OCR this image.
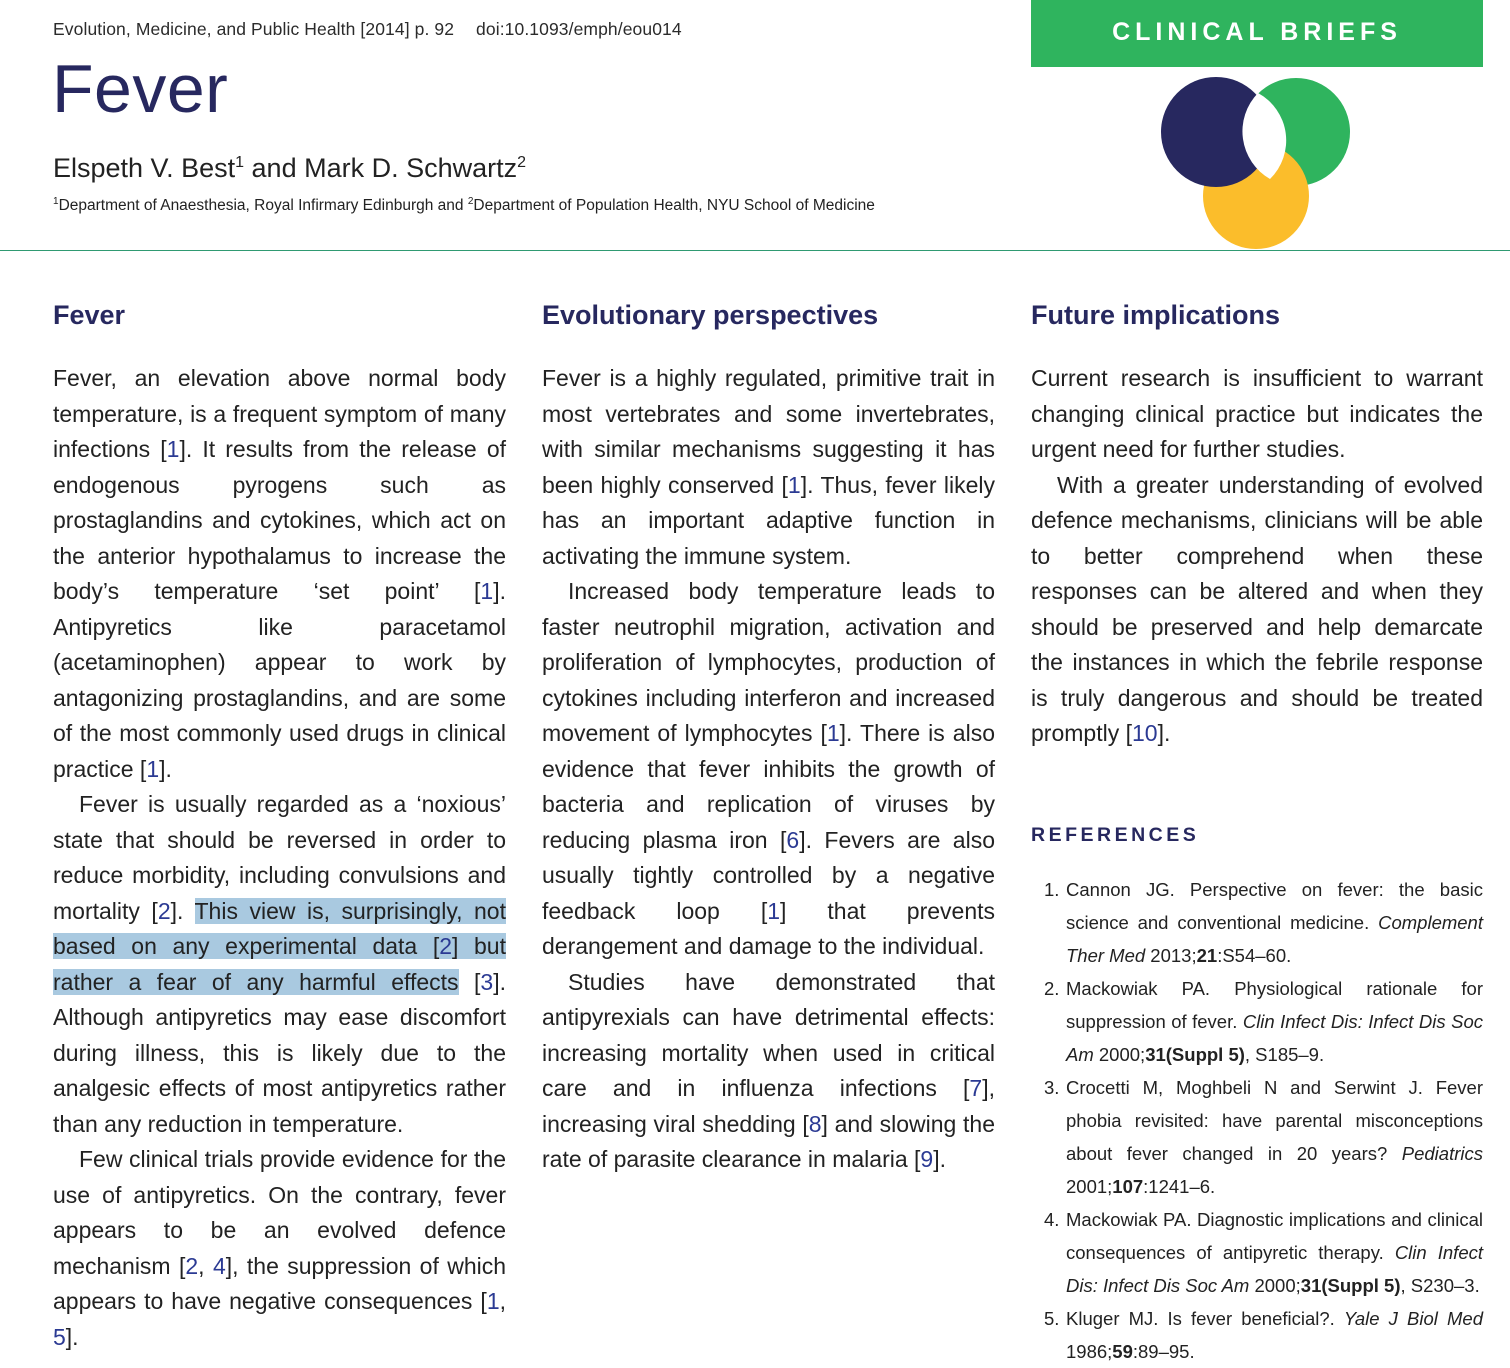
Evolution, Medicine, and Public Health [2014] p. 92 doi:10.1093/emph/eou014
Fever
Elspeth V. Best$^1$ and Mark D. Schwartz$^2$
$^1$Department of Anaesthesia, Royal Infirmary Edinburgh and $^2$Department of Population Health, NYU School of Medicine
CLINICAL BRIEFS
Fever

Fever, an elevation above normal body temperature, is a frequent symptom of many infections [1]. It results from the release of endogenous pyrogens such as prostaglandins and cytokines, which act on the anterior hypothalamus to increase the body’s temperature ‘set point’ [1]. Antipyretics like paracetamol (acetaminophen) appear to work by antagonizing prostaglandins, and are some of the most commonly used drugs in clinical practice [1].

Fever is usually regarded as a ‘noxious’ state that should be reversed in order to reduce morbidity, including convulsions and mortality [2]. This view is, surprisingly, not based on any experimental data [2] but rather a fear of any harmful effects [3]. Although antipyretics may ease discomfort during illness, this is likely due to the analgesic effects of most antipyretics rather than any reduction in temperature.

Few clinical trials provide evidence for the use of antipyretics. On the contrary, fever appears to be an evolved defence mechanism [2, 4], the suppression of which appears to have negative consequences [1, 5].

Evolutionary perspectives

Fever is a highly regulated, primitive trait in most vertebrates and some invertebrates, with similar mechanisms suggesting it has been highly conserved [1]. Thus, fever likely has an important adaptive function in activating the immune system.

Increased body temperature leads to faster neutrophil migration, activation and proliferation of lymphocytes, production of cytokines including interferon and increased movement of lymphocytes [1]. There is also evidence that fever inhibits the growth of bacteria and replication of viruses by reducing plasma iron [6]. Fevers are also usually tightly controlled by a negative feedback loop [1] that prevents derangement and damage to the individual.

Studies have demonstrated that antipyrexials can have detrimental effects: increasing mortality when used in critical care and in influenza infections [7], increasing viral shedding [8] and slowing the rate of parasite clearance in malaria [9].

Future implications

Current research is insufficient to warrant changing clinical practice but indicates the urgent need for further studies.

With a greater understanding of evolved defence mechanisms, clinicians will be able to better comprehend when these responses can be altered and when they should be preserved and help demarcate the instances in which the febrile response is truly dangerous and should be treated promptly [10].

REFERENCES
1. Cannon JG. Perspective on fever: the basic science and conventional medicine. Complement Ther Med 2013;21:S54–60.
2. Mackowiak PA. Physiological rationale for suppression of fever. Clin Infect Dis: Infect Dis Soc Am 2000;31(Suppl 5), S185–9.
3. Crocetti M, Moghbeli N and Serwint J. Fever phobia revisited: have parental misconceptions about fever changed in 20 years? Pediatrics 2001;107:1241–6.
4. Mackowiak PA. Diagnostic implications and clinical consequences of antipyretic therapy. Clin Infect Dis: Infect Dis Soc Am 2000;31(Suppl 5), S230–3.
5. Kluger MJ. Is fever beneficial?. Yale J Biol Med 1986;59:89–95.
